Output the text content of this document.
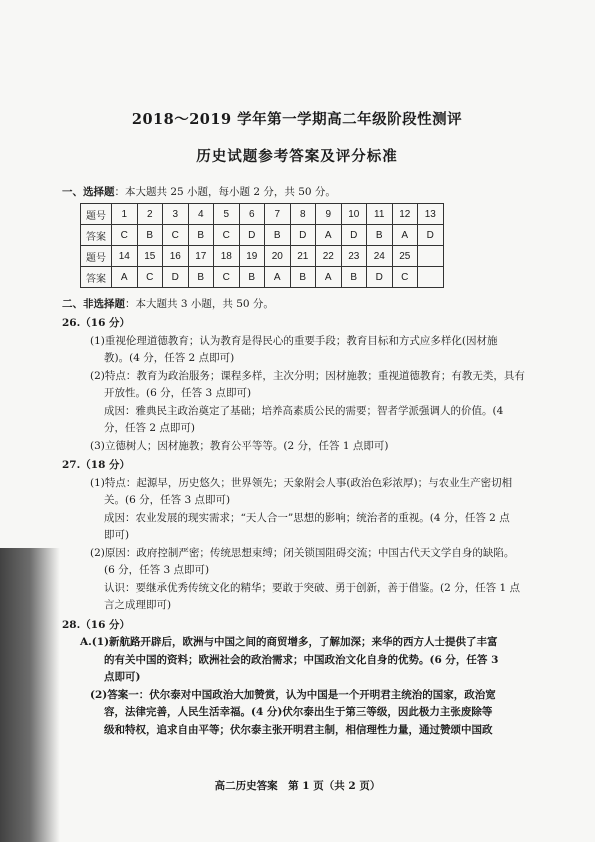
2018～2019 学年第一学期高二年级阶段性测评
历史试题参考答案及评分标准
一、选择题：本大题共 25 小题，每小题 2 分，共 50 分。
题号	1	2	3	4	5	6	7	8	9	10	11	12	13
答案	C	B	C	B	C	D	B	D	A	D	B	A	D
题号	14	15	16	17	18	19	20	21	22	23	24	25	
答案	A	C	D	B	C	B	A	B	A	B	D	C	
二、非选择题：本大题共 3 小题，共 50 分。
26.（16 分）
(1)重视伦理道德教育；认为教育是得民心的重要手段；教育目标和方式应多样化(因材施
教)。(4 分，任答 2 点即可)
(2)特点：教育为政治服务；课程多样，主次分明；因材施教；重视道德教育；有教无类，具有
开放性。(6 分，任答 3 点即可)
成因：雅典民主政治奠定了基础；培养高素质公民的需要；智者学派强调人的价值。(4
分，任答 2 点即可)
(3)立德树人；因材施教；教育公平等等。(2 分，任答 1 点即可)
27.（18 分）
(1)特点：起源早，历史悠久；世界领先；天象附会人事(政治色彩浓厚)；与农业生产密切相
关。(6 分，任答 3 点即可)
成因：农业发展的现实需求；“天人合一”思想的影响；统治者的重视。(4 分，任答 2 点
即可)
(2)原因：政府控制严密；传统思想束缚；闭关锁国阻碍交流；中国古代天文学自身的缺陷。
(6 分，任答 3 点即可)
认识：要继承优秀传统文化的精华；要敢于突破、勇于创新，善于借鉴。(2 分，任答 1 点
言之成理即可)
28.（16 分）
A.(1)新航路开辟后，欧洲与中国之间的商贸增多，了解加深；来华的西方人士提供了丰富
的有关中国的资料；欧洲社会的政治需求；中国政治文化自身的优势。(6 分，任答 3
点即可)
(2)答案一：伏尔泰对中国政治大加赞赏，认为中国是一个开明君主统治的国家，政治宽
容，法律完善，人民生活幸福。(4 分)伏尔泰出生于第三等级，因此极力主张废除等
级和特权，追求自由平等；伏尔泰主张开明君主制，相信理性力量，通过赞颂中国政
高二历史答案　第 1 页（共 2 页）
